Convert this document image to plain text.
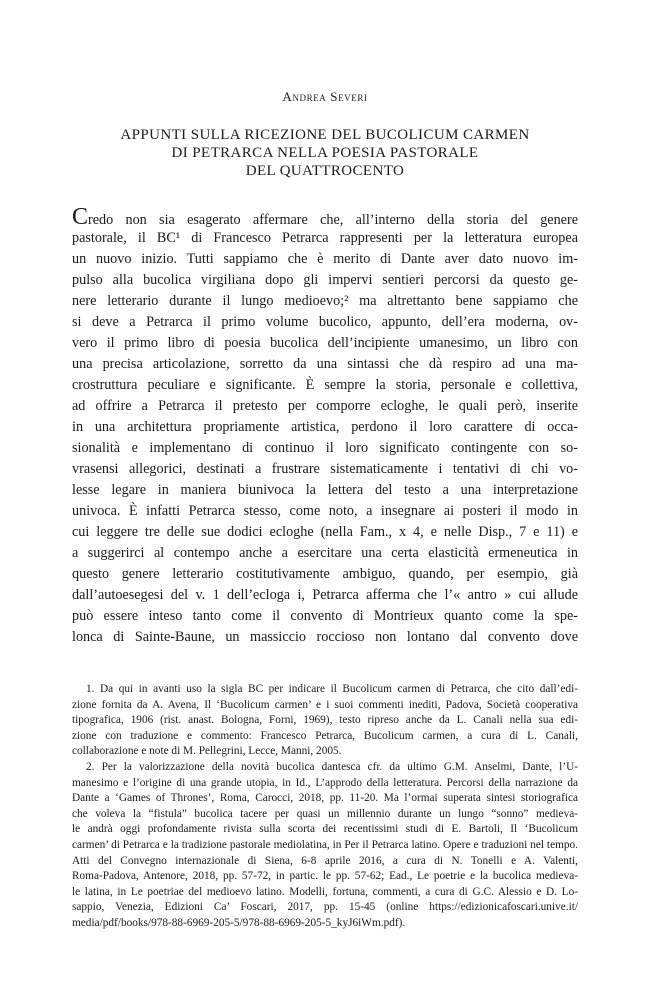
Andrea Severi
APPUNTI SULLA RICEZIONE DEL BUCOLICUM CARMEN
DI PETRARCA NELLA POESIA PASTORALE
DEL QUATTROCENTO
Credo non sia esagerato affermare che, all’interno della storia del genere
pastorale, il BC¹ di Francesco Petrarca rappresenti per la letteratura europea
un nuovo inizio. Tutti sappiamo che è merito di Dante aver dato nuovo im-
pulso alla bucolica virgiliana dopo gli impervi sentieri percorsi da questo ge-
nere letterario durante il lungo medioevo;² ma altrettanto bene sappiamo che
si deve a Petrarca il primo volume bucolico, appunto, dell’era moderna, ov-
vero il primo libro di poesia bucolica dell’incipiente umanesimo, un libro con
una precisa articolazione, sorretto da una sintassi che dà respiro ad una ma-
crostruttura peculiare e significante. È sempre la storia, personale e collettiva,
ad offrire a Petrarca il pretesto per comporre ecloghe, le quali però, inserite
in una architettura propriamente artistica, perdono il loro carattere di occa-
sionalità e implementano di continuo il loro significato contingente con so-
vrasensi allegorici, destinati a frustrare sistematicamente i tentativi di chi vo-
lesse legare in maniera biunivoca la lettera del testo a una interpretazione
univoca. È infatti Petrarca stesso, come noto, a insegnare ai posteri il modo in
cui leggere tre delle sue dodici ecloghe (nella Fam., x 4, e nelle Disp., 7 e 11) e
a suggerirci al contempo anche a esercitare una certa elasticità ermeneutica in
questo genere letterario costitutivamente ambiguo, quando, per esempio, già
dall’autoesegesi del v. 1 dell’ecloga i, Petrarca afferma che l’« antro » cui allude
può essere inteso tanto come il convento di Montrieux quanto come la spe-
lonca di Sainte-Baune, un massiccio roccioso non lontano dal convento dove
1. Da qui in avanti uso la sigla BC per indicare il Bucolicum carmen di Petrarca, che cito dall’edi-
zione fornita da A. Avena, Il ‘Bucolicum carmen’ e i suoi commenti inediti, Padova, Società cooperativa
tipografica, 1906 (rist. anast. Bologna, Forni, 1969), testo ripreso anche da L. Canali nella sua edi-
zione con traduzione e commento: Francesco Petrarca, Bucolicum carmen, a cura di L. Canali,
collaborazione e note di M. Pellegrini, Lecce, Manni, 2005.
2. Per la valorizzazione della novità bucolica dantesca cfr. da ultimo G.M. Anselmi, Dante, l’U-
manesimo e l’origine di una grande utopia, in Id., L’approdo della letteratura. Percorsi della narrazione da
Dante a ‘Games of Thrones’, Roma, Carocci, 2018, pp. 11-20. Ma l’ormai superata sintesi storiografica
che voleva la “fistula” bucolica tacere per quasi un millennio durante un lungo “sonno” medieva-
le andrà oggi profondamente rivista sulla scorta dei recentissimi studi di E. Bartoli, Il ‘Bucolicum
carmen’ di Petrarca e la tradizione pastorale mediolatina, in Per il Petrarca latino. Opere e traduzioni nel tempo.
Atti del Convegno internazionale di Siena, 6-8 aprile 2016, a cura di N. Tonelli e A. Valenti,
Roma-Padova, Antenore, 2018, pp. 57-72, in partic. le pp. 57-62; Ead., Le poetrie e la bucolica medieva-
le latina, in Le poetriae del medioevo latino. Modelli, fortuna, commenti, a cura di G.C. Alessio e D. Lo-
sappio, Venezia, Edizioni Ca’ Foscari, 2017, pp. 15-45 (online https://edizionicafoscari.unive.it/
media/pdf/books/978-88-6969-205-5/978-88-6969-205-5_kyJ6iWm.pdf).
